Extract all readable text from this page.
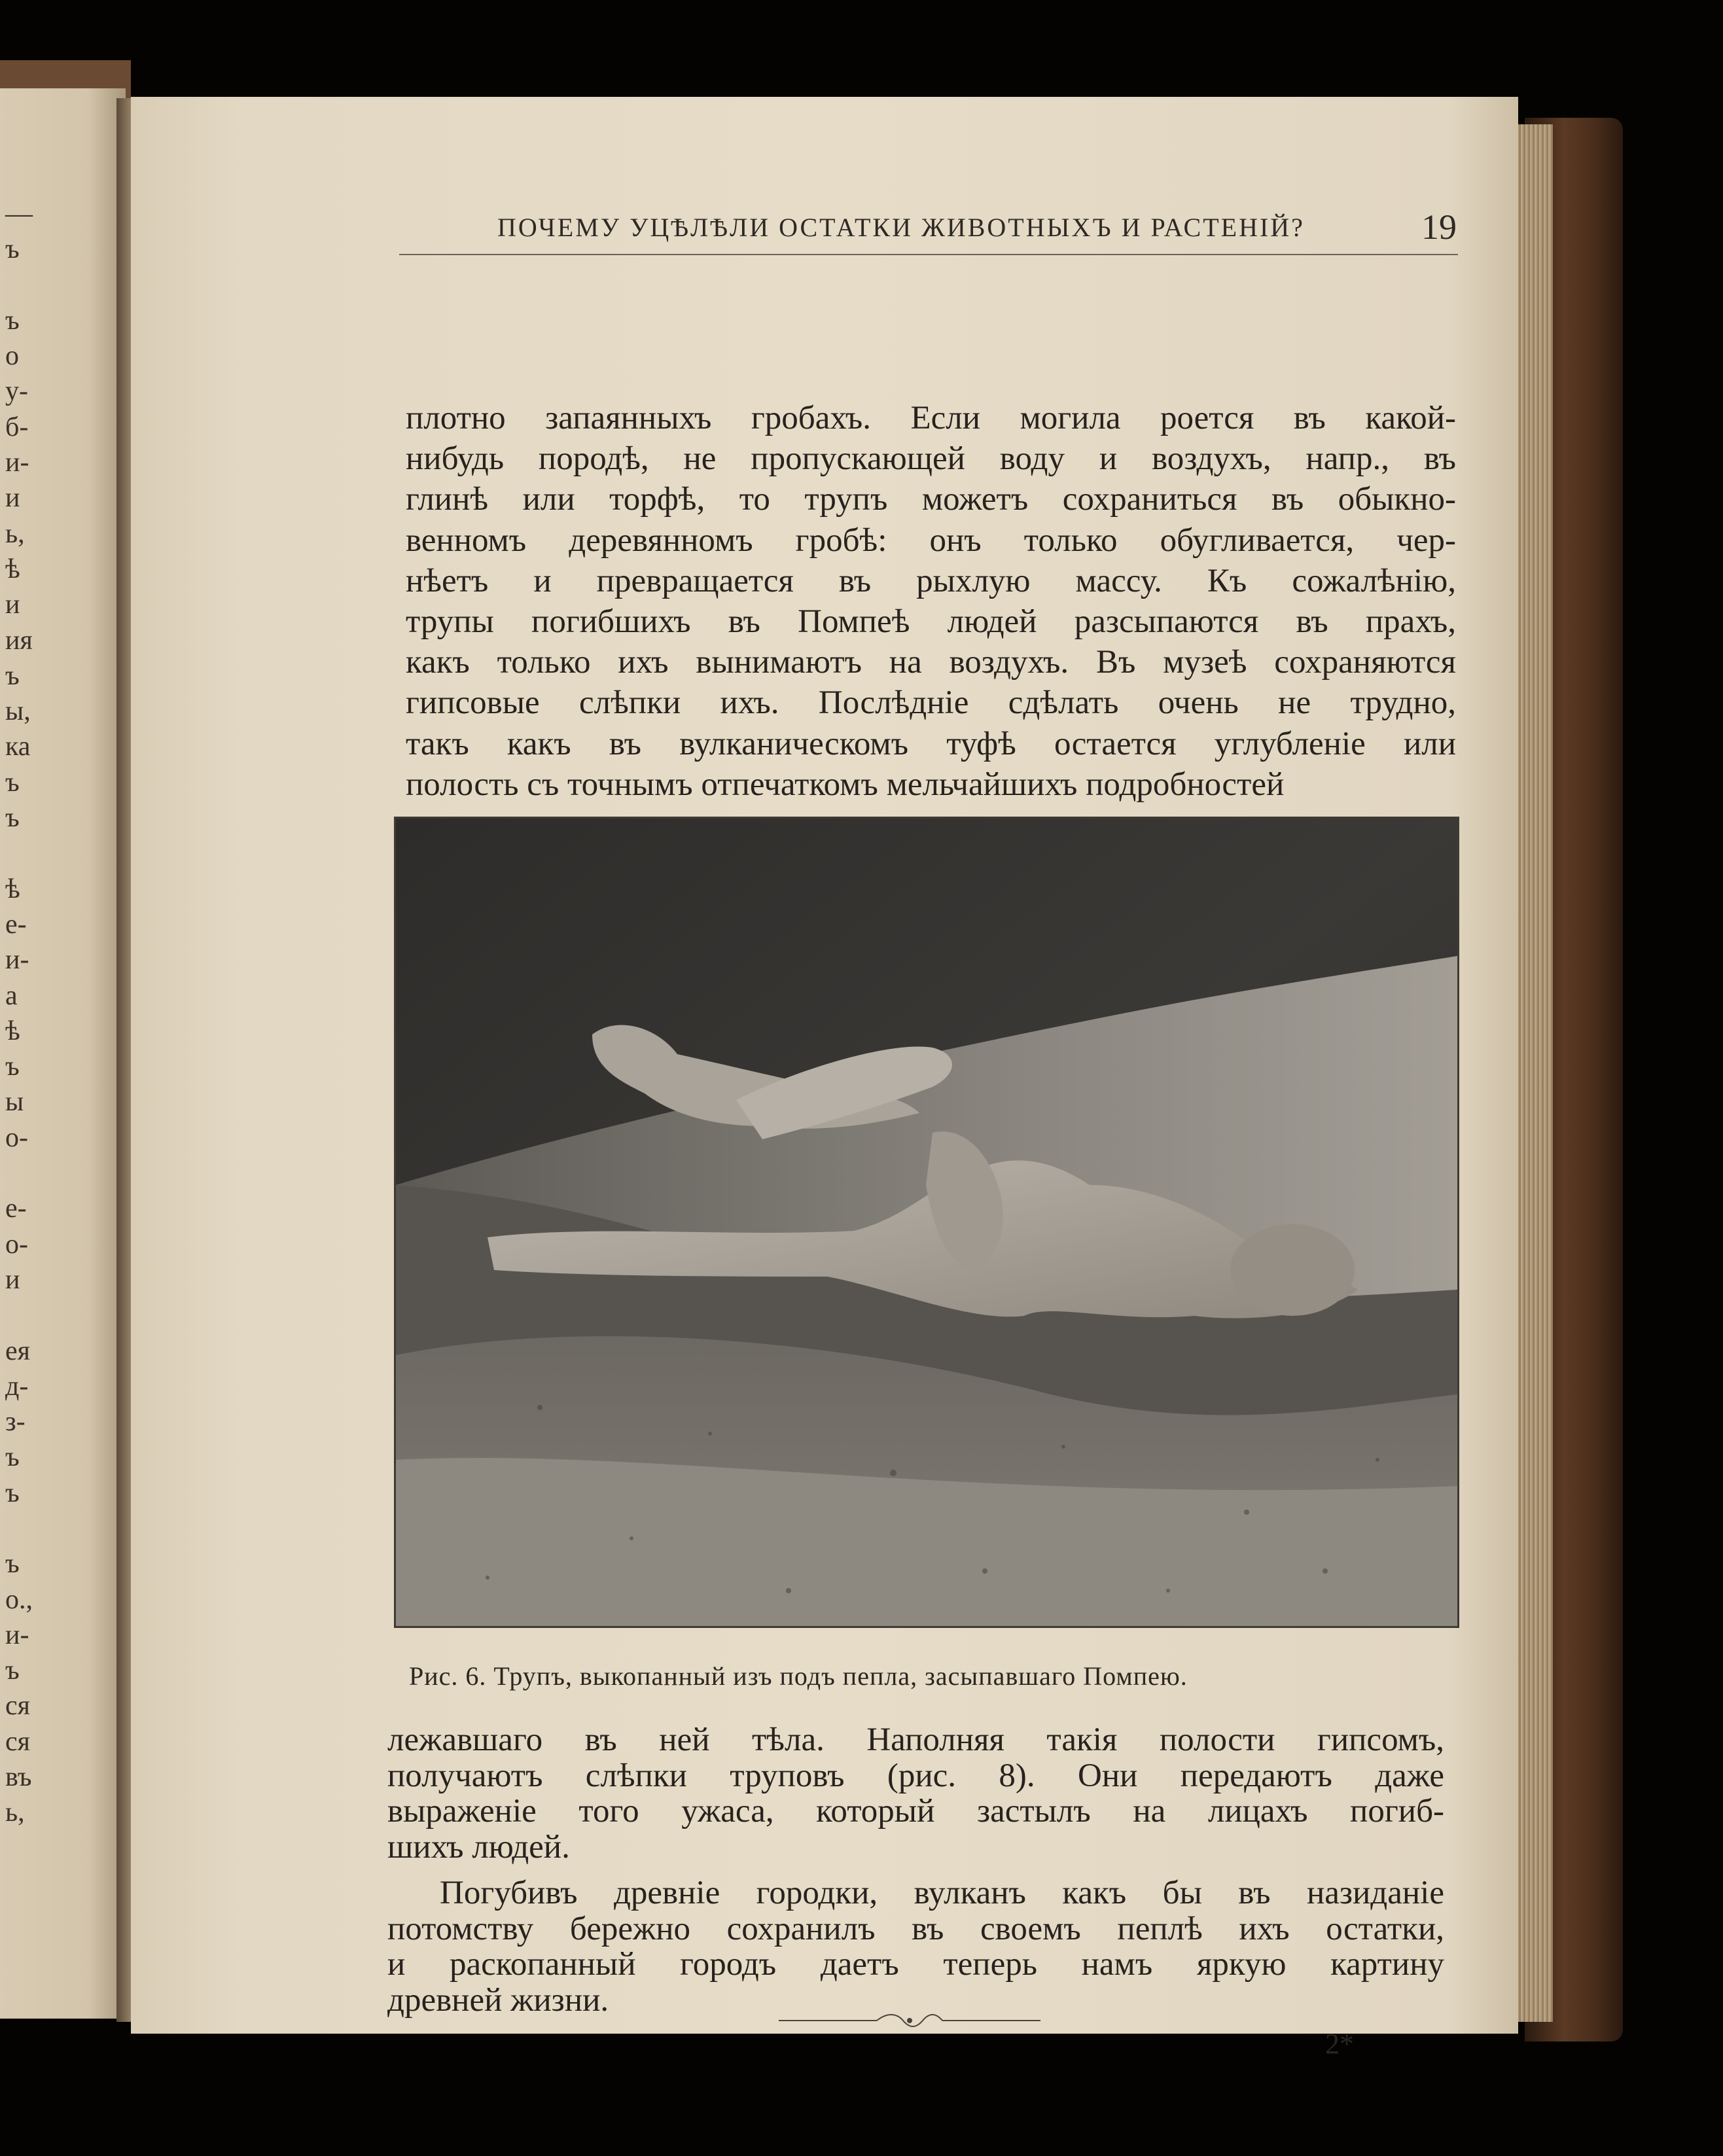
—
ъ
ъ
о
у-
б-
и-
и
ь,
ѣ
и
ия
ъ
ы,
ка
ъ
ъ
ѣ
е-
и-
а
ѣ
ъ
ы
о-
е-
о-
и
ея
д-
з-
ъ
ъ
ъ
о.,
и-
ъ
ся
ся
въ
ь,
ПОЧЕМУ УЦѢЛѢЛИ ОСТАТКИ ЖИВОТНЫХЪ И РАСТЕНІЙ?	19
плотно запаянныхъ гробахъ. Если могила роется въ какой-
нибудь породѣ, не пропускающей воду и воздухъ, напр., въ
глинѣ или торфѣ, то трупъ можетъ сохраниться въ обыкно-
венномъ деревянномъ гробѣ: онъ только обугливается, чер-
нѣетъ и превращается въ рыхлую массу. Къ сожалѣнію,
трупы погибшихъ въ Помпеѣ людей разсыпаются въ прахъ,
какъ только ихъ вынимаютъ на воздухъ. Въ музеѣ сохраняются
гипсовые слѣпки ихъ. Послѣдніе сдѣлать очень не трудно,
такъ какъ въ вулканическомъ туфѣ остается углубленіе или
полость съ точнымъ отпечаткомъ мельчайшихъ подробностей
Рис. 6. Трупъ, выкопанный изъ подъ пепла, засыпавшаго Помпею.
лежавшаго въ ней тѣла. Наполняя такія полости гипсомъ,
получаютъ слѣпки труповъ (рис. 8). Они передаютъ даже
выраженіе того ужаса, который застылъ на лицахъ погиб-
шихъ людей.
Погубивъ древніе городки, вулканъ какъ бы въ назиданіе
потомству бережно сохранилъ въ своемъ пеплѣ ихъ остатки,
и раскопанный городъ даетъ теперь намъ яркую картину
древней жизни.
2*
